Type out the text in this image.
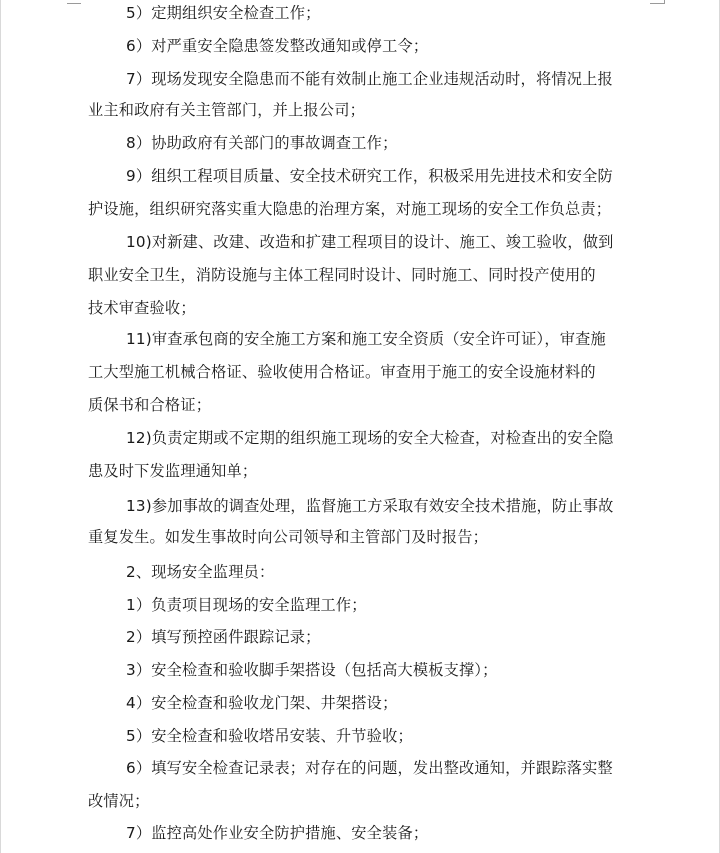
5）定期组织安全检查工作；
6）对严重安全隐患签发整改通知或停工令；
7）现场发现安全隐患而不能有效制止施工企业违规活动时，将情况上报
业主和政府有关主管部门，并上报公司；
8）协助政府有关部门的事故调查工作；
9）组织工程项目质量、安全技术研究工作，积极采用先进技术和安全防
护设施，组织研究落实重大隐患的治理方案，对施工现场的安全工作负总责；
10)对新建、改建、改造和扩建工程项目的设计、施工、竣工验收，做到
职业安全卫生，消防设施与主体工程同时设计、同时施工、同时投产使用的
技术审查验收；
11)审查承包商的安全施工方案和施工安全资质（安全许可证），审查施
工大型施工机械合格证、验收使用合格证。审查用于施工的安全设施材料的
质保书和合格证；
12)负责定期或不定期的组织施工现场的安全大检查，对检查出的安全隐
患及时下发监理通知单；
13)参加事故的调查处理，监督施工方采取有效安全技术措施，防止事故
重复发生。如发生事故时向公司领导和主管部门及时报告；
2、现场安全监理员：
1）负责项目现场的安全监理工作；
2）填写预控函件跟踪记录；
3）安全检查和验收脚手架搭设（包括高大模板支撑）；
4）安全检查和验收龙门架、井架搭设；
5）安全检查和验收塔吊安装、升节验收；
6）填写安全检查记录表；对存在的问题，发出整改通知，并跟踪落实整
改情况；
7）监控高处作业安全防护措施、安全装备；
